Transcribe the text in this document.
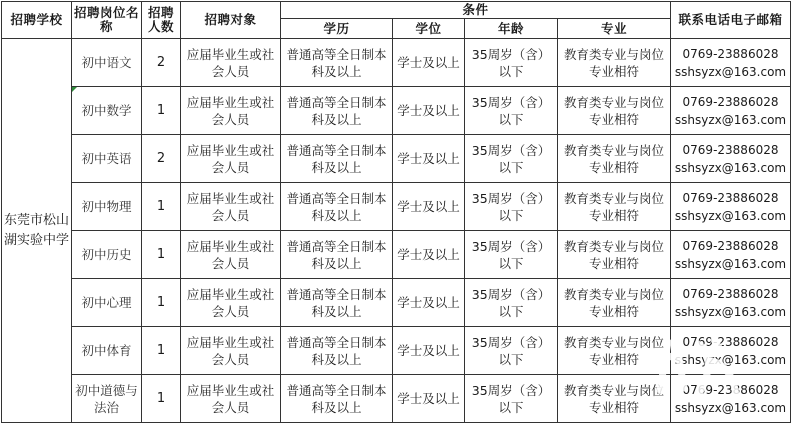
招聘学校	招聘岗位名称	招聘人数	招聘对象	条件				联系电话电子邮箱
				学历	学位	年龄	专业	
东莞市松山湖实验中学	初中语文	2	应届毕业生或社会人员	普通高等全日制本科及以上	学士及以上	35周岁（含）以下	教育类专业与岗位专业相符	0769-23886028
sshsyzx@163.com

	初中数学	1	应届毕业生或社会人员	普通高等全日制本科及以上	学士及以上	35周岁（含）以下	教育类专业与岗位专业相符	0769-23886028
sshsyzx@163.com

	初中英语	2	应届毕业生或社会人员	普通高等全日制本科及以上	学士及以上	35周岁（含）以下	教育类专业与岗位专业相符	0769-23886028
sshsyzx@163.com

	初中物理	1	应届毕业生或社会人员	普通高等全日制本科及以上	学士及以上	35周岁（含）以下	教育类专业与岗位专业相符	0769-23886028
sshsyzx@163.com

	初中历史	1	应届毕业生或社会人员	普通高等全日制本科及以上	学士及以上	35周岁（含）以下	教育类专业与岗位专业相符	0769-23886028
sshsyzx@163.com

	初中心理	1	应届毕业生或社会人员	普通高等全日制本科及以上	学士及以上	35周岁（含）以下	教育类专业与岗位专业相符	0769-23886028
sshsyzx@163.com

	初中体育	1	应届毕业生或社会人员	普通高等全日制本科及以上	学士及以上	35周岁（含）以下	教育类专业与岗位专业相符	0769-23886028
sshsyzx@163.com

	初中道德与法治	1	应届毕业生或社会人员	普通高等全日制本科及以上	学士及以上	35周岁（含）以下	教育类专业与岗位专业相符	0769-23886028
sshsyzx@163.com
